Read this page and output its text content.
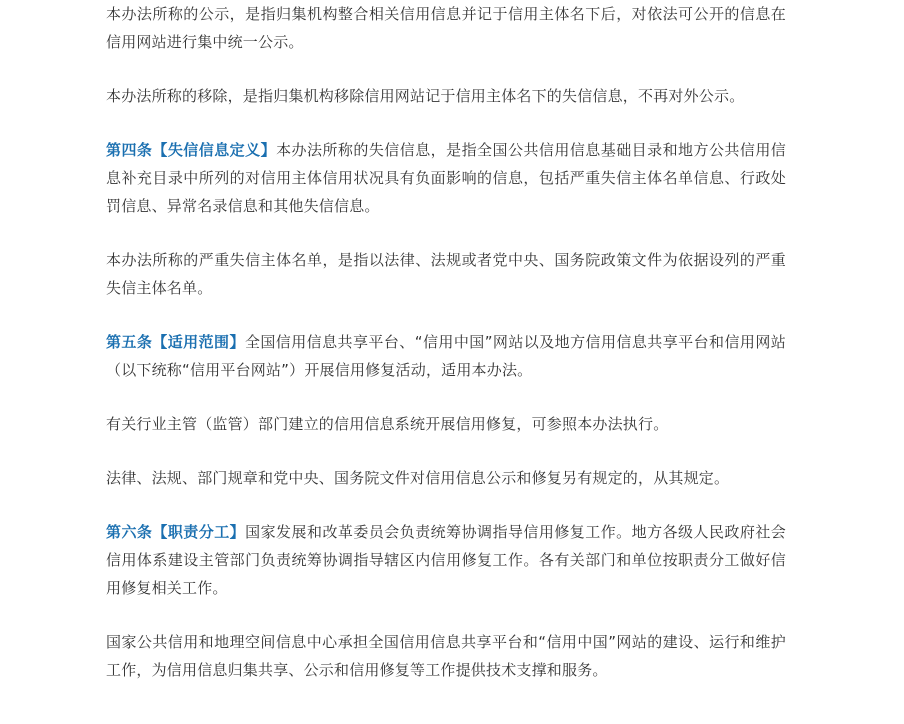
本办法所称的公示，是指归集机构整合相关信用信息并记于信用主体名下后，对依法可公开的信息在信用网站进行集中统一公示。

本办法所称的移除，是指归集机构移除信用网站记于信用主体名下的失信信息，不再对外公示。

第四条【失信信息定义】本办法所称的失信信息，是指全国公共信用信息基础目录和地方公共信用信息补充目录中所列的对信用主体信用状况具有负面影响的信息，包括严重失信主体名单信息、行政处罚信息、异常名录信息和其他失信信息。

本办法所称的严重失信主体名单，是指以法律、法规或者党中央、国务院政策文件为依据设列的严重失信主体名单。

第五条【适用范围】全国信用信息共享平台、“信用中国”网站以及地方信用信息共享平台和信用网站（以下统称“信用平台网站”）开展信用修复活动，适用本办法。

有关行业主管（监管）部门建立的信用信息系统开展信用修复，可参照本办法执行。

法律、法规、部门规章和党中央、国务院文件对信用信息公示和修复另有规定的，从其规定。

第六条【职责分工】国家发展和改革委员会负责统筹协调指导信用修复工作。地方各级人民政府社会信用体系建设主管部门负责统筹协调指导辖区内信用修复工作。各有关部门和单位按职责分工做好信用修复相关工作。

国家公共信用和地理空间信息中心承担全国信用信息共享平台和“信用中国”网站的建设、运行和维护工作，为信用信息归集共享、公示和信用修复等工作提供技术支撑和服务。
